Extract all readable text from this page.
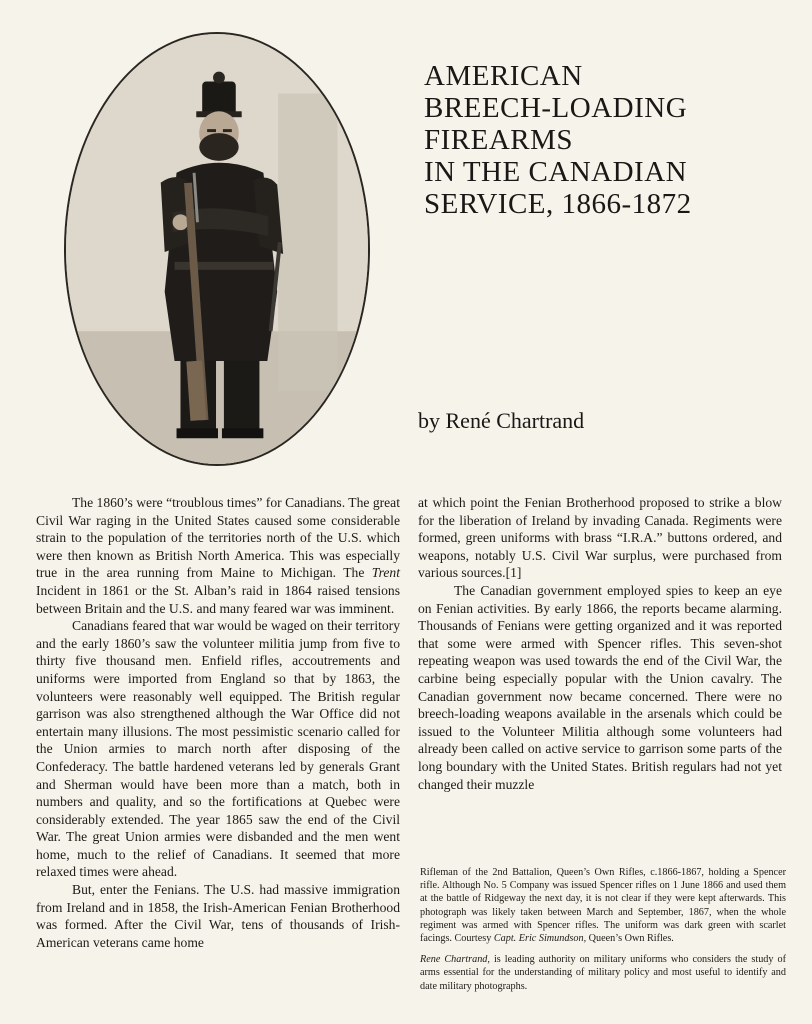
AMERICAN
BREECH-LOADING
FIREARMS
IN THE CANADIAN
SERVICE, 1866-1872
by René Chartrand

The 1860’s were “troublous times” for Canadians. The great Civil War raging in the United States caused some considerable strain to the population of the territories north of the U.S. which were then known as British North America. This was especially true in the area running from Maine to Michigan. The Trent Incident in 1861 or the St. Alban’s raid in 1864 raised tensions between Britain and the U.S. and many feared war was imminent.

Canadians feared that war would be waged on their territory and the early 1860’s saw the volunteer militia jump from five to thirty five thousand men. Enfield rifles, accoutrements and uniforms were imported from England so that by 1863, the volunteers were reasonably well equipped. The British regular garrison was also strengthened although the War Office did not entertain many illusions. The most pessimistic scenario called for the Union armies to march north after disposing of the Confederacy. The battle hardened veterans led by generals Grant and Sherman would have been more than a match, both in numbers and quality, and so the fortifications at Quebec were considerably extended. The year 1865 saw the end of the Civil War. The great Union armies were disbanded and the men went home, much to the relief of Canadians. It seemed that more relaxed times were ahead.

But, enter the Fenians. The U.S. had massive immigration from Ireland and in 1858, the Irish-American Fenian Brotherhood was formed. After the Civil War, tens of thousands of Irish-American veterans came home

at which point the Fenian Brotherhood proposed to strike a blow for the liberation of Ireland by invading Canada. Regiments were formed, green uniforms with brass “I.R.A.” buttons ordered, and weapons, notably U.S. Civil War surplus, were purchased from various sources.[1]

The Canadian government employed spies to keep an eye on Fenian activities. By early 1866, the reports became alarming. Thousands of Fenians were getting organized and it was reported that some were armed with Spencer rifles. This seven-shot repeating weapon was used towards the end of the Civil War, the carbine being especially popular with the Union cavalry. The Canadian government now became concerned. There were no breech-loading weapons available in the arsenals which could be issued to the Volunteer Militia although some volunteers had already been called on active service to garrison some parts of the long boundary with the United States. British regulars had not yet changed their muzzle

Rifleman of the 2nd Battalion, Queen’s Own Rifles, c.1866-1867, holding a Spencer rifle. Although No. 5 Company was issued Spencer rifles on 1 June 1866 and used them at the battle of Ridgeway the next day, it is not clear if they were kept afterwards. This photograph was likely taken between March and September, 1867, when the whole regiment was armed with Spencer rifles. The uniform was dark green with scarlet facings. Courtesy Capt. Eric Simundson, Queen’s Own Rifles.

Rene Chartrand, is leading authority on military uniforms who considers the study of arms essential for the understanding of military policy and most useful to identify and date military photographs.
